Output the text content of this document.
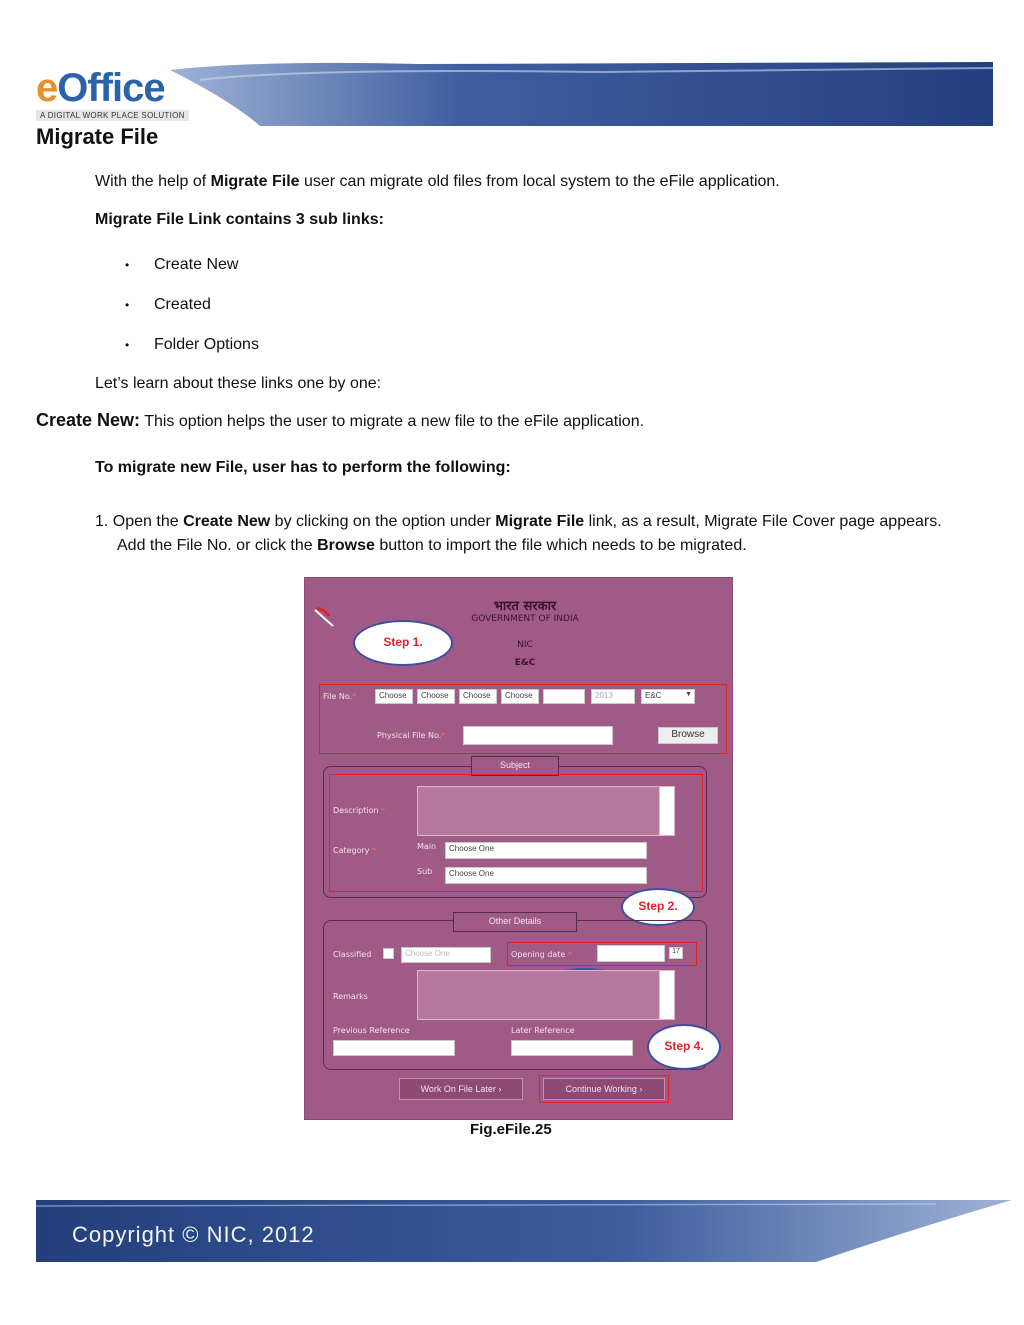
eOffice
A DIGITAL WORK PLACE SOLUTION
Migrate File
With the help of Migrate File user can migrate old files from local system to the eFile application.
Migrate File Link contains 3 sub links:
• Create New
• Created
• Folder Options
Let’s learn about these links one by one:
Create New: This option helps the user to migrate a new file to the eFile application.
To migrate new File, user has to perform the following:
1. Open the Create New by clicking on the option under Migrate File link, as a result, Migrate File Cover page appears.
Add the File No. or click the Browse button to import the file which needs to be migrated.
भारत सरकार
GOVERNMENT OF INDIA
NIC
E&C
File No.*	Choose	Choose	Choose	Choose	2013	E&C	▼
Physical File No.*	Browse
Step 1.
Subject
Description *
Category *	Main	Choose One
Sub	Choose One
Step 2.
Other Details
Classified	Choose One	Opening date *	17
Remarks
Previous Reference	Later Reference
Step 4.
Work On File Later ›	Continue Working ›
Fig.eFile.25
Copyright © NIC, 2012
